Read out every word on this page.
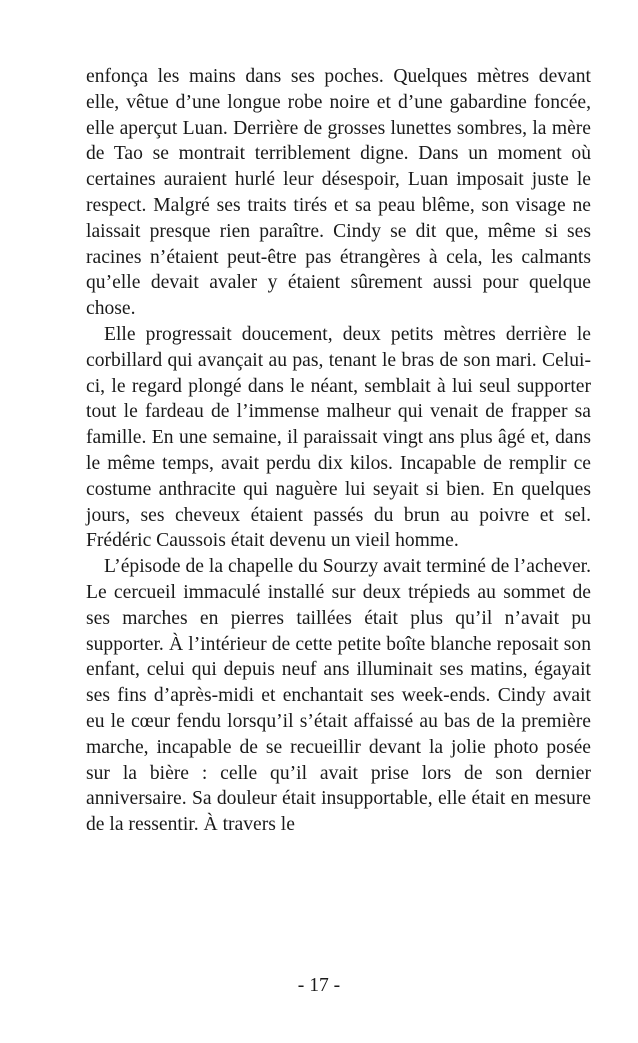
enfonça les mains dans ses poches. Quelques mètres devant elle, vêtue d’une longue robe noire et d’une gabardine foncée, elle aperçut Luan. Derrière de grosses lunettes sombres, la mère de Tao se montrait terriblement digne. Dans un moment où certaines auraient hurlé leur désespoir, Luan imposait juste le respect. Malgré ses traits tirés et sa peau blême, son visage ne laissait presque rien paraître. Cindy se dit que, même si ses racines n’étaient peut-être pas étrangères à cela, les calmants qu’elle devait avaler y étaient sûrement aussi pour quelque chose.

Elle progressait doucement, deux petits mètres derrière le corbillard qui avançait au pas, tenant le bras de son mari. Celui-ci, le regard plongé dans le néant, semblait à lui seul supporter tout le fardeau de l’immense malheur qui venait de frapper sa famille. En une semaine, il paraissait vingt ans plus âgé et, dans le même temps, avait perdu dix kilos. Incapable de remplir ce costume anthracite qui naguère lui seyait si bien. En quelques jours, ses cheveux étaient passés du brun au poivre et sel. Frédéric Caussois était devenu un vieil homme.

L’épisode de la chapelle du Sourzy avait terminé de l’achever. Le cercueil immaculé installé sur deux trépieds au sommet de ses marches en pierres taillées était plus qu’il n’avait pu supporter. À l’intérieur de cette petite boîte blanche reposait son enfant, celui qui depuis neuf ans illuminait ses matins, égayait ses fins d’après-midi et enchantait ses week-ends. Cindy avait eu le cœur fendu lorsqu’il s’était affaissé au bas de la première marche, incapable de se recueillir devant la jolie photo posée sur la bière : celle qu’il avait prise lors de son dernier anniversaire. Sa douleur était insupportable, elle était en mesure de la ressentir. À travers le

- 17 -
